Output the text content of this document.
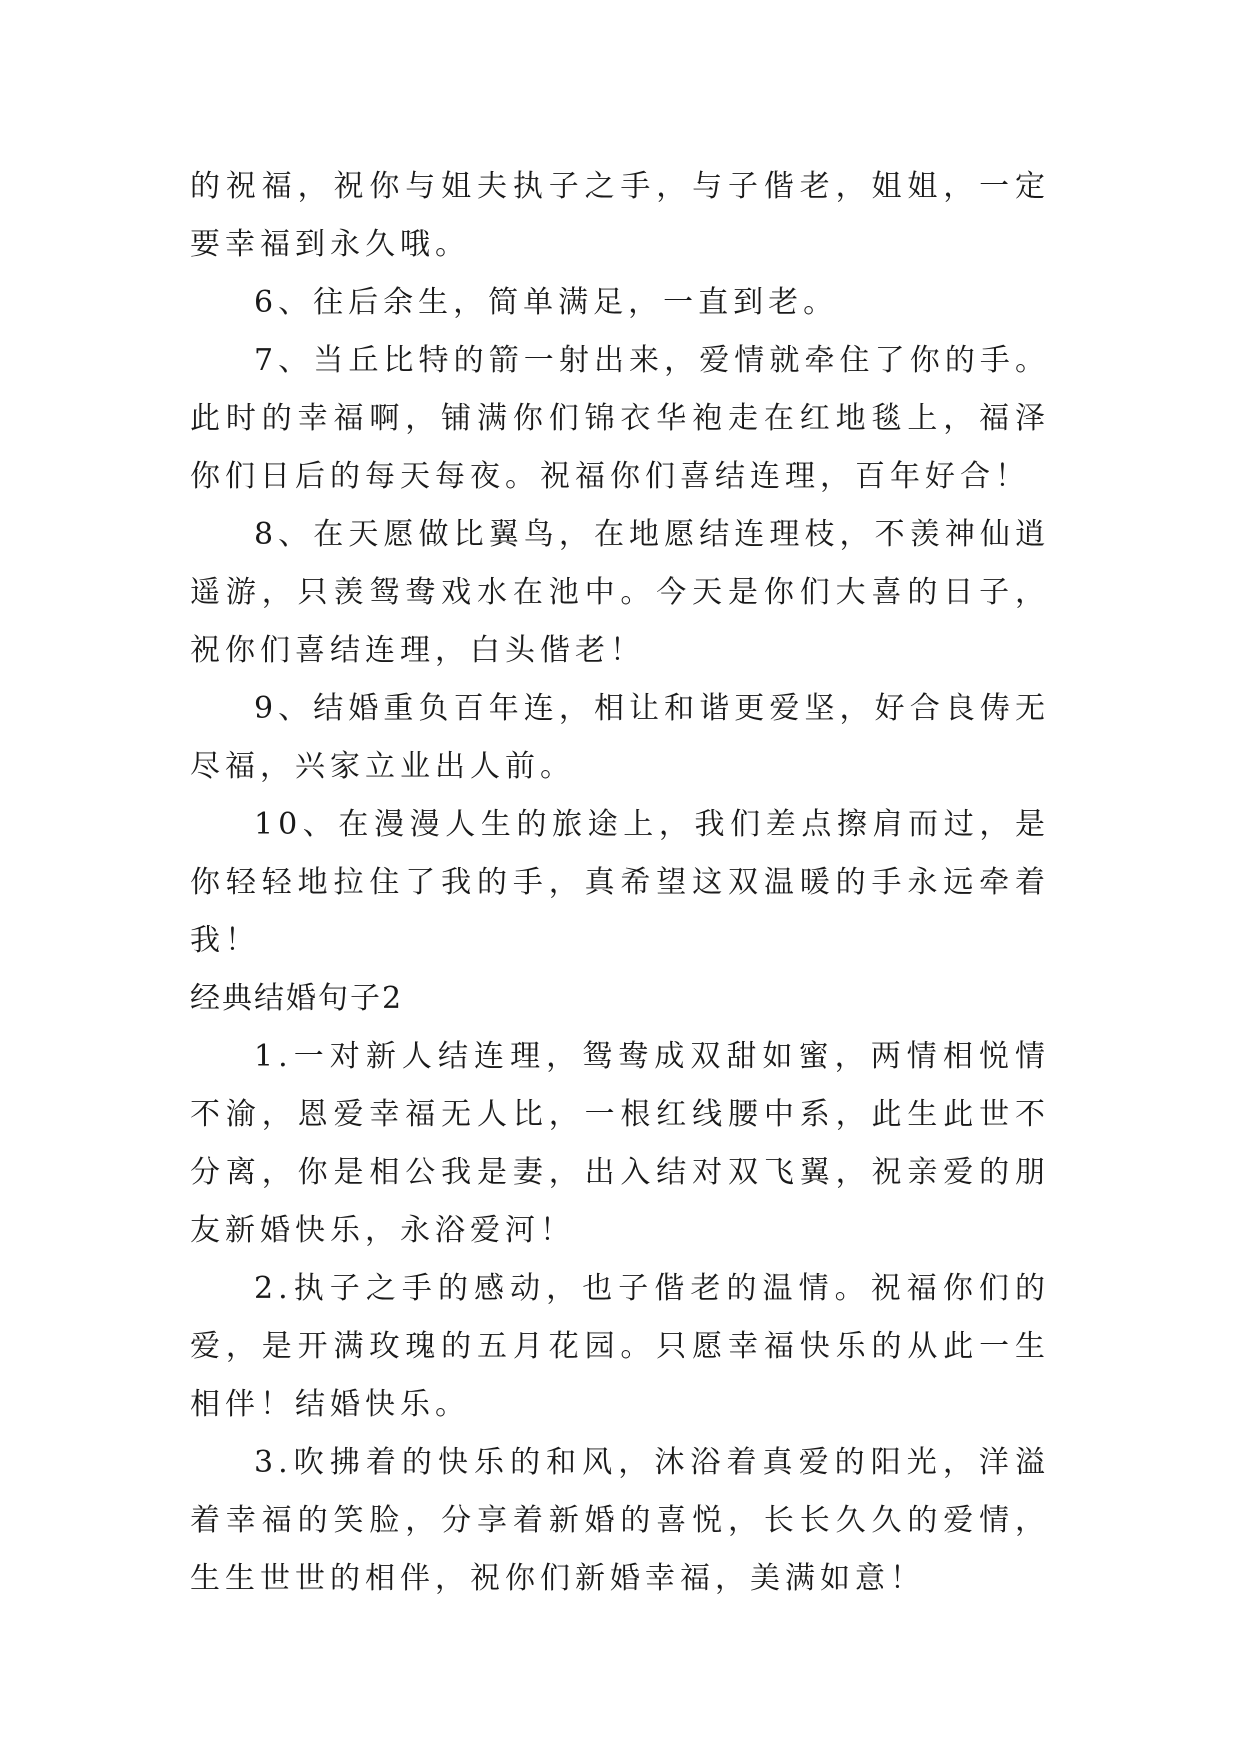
的祝福，祝你与姐夫执子之手，与子偕老，姐姐，一定要幸福到永久哦。

6、往后余生，简单满足，一直到老。

7、当丘比特的箭一射出来，爱情就牵住了你的手。此时的幸福啊，铺满你们锦衣华袍走在红地毯上，福泽你们日后的每天每夜。祝福你们喜结连理，百年好合！

8、在天愿做比翼鸟，在地愿结连理枝，不羡神仙逍遥游，只羡鸳鸯戏水在池中。今天是你们大喜的日子，祝你们喜结连理，白头偕老！

9、结婚重负百年连，相让和谐更爱坚，好合良俦无尽福，兴家立业出人前。

10、在漫漫人生的旅途上，我们差点擦肩而过，是你轻轻地拉住了我的手，真希望这双温暖的手永远牵着我！

经典结婚句子2

1.一对新人结连理，鸳鸯成双甜如蜜，两情相悦情不渝，恩爱幸福无人比，一根红线腰中系，此生此世不分离，你是相公我是妻，出入结对双飞翼，祝亲爱的朋友新婚快乐，永浴爱河！

2.执子之手的感动，也子偕老的温情。祝福你们的爱，是开满玫瑰的五月花园。只愿幸福快乐的从此一生相伴！结婚快乐。

3.吹拂着的快乐的和风，沐浴着真爱的阳光，洋溢着幸福的笑脸，分享着新婚的喜悦，长长久久的爱情，生生世世的相伴，祝你们新婚幸福，美满如意！
